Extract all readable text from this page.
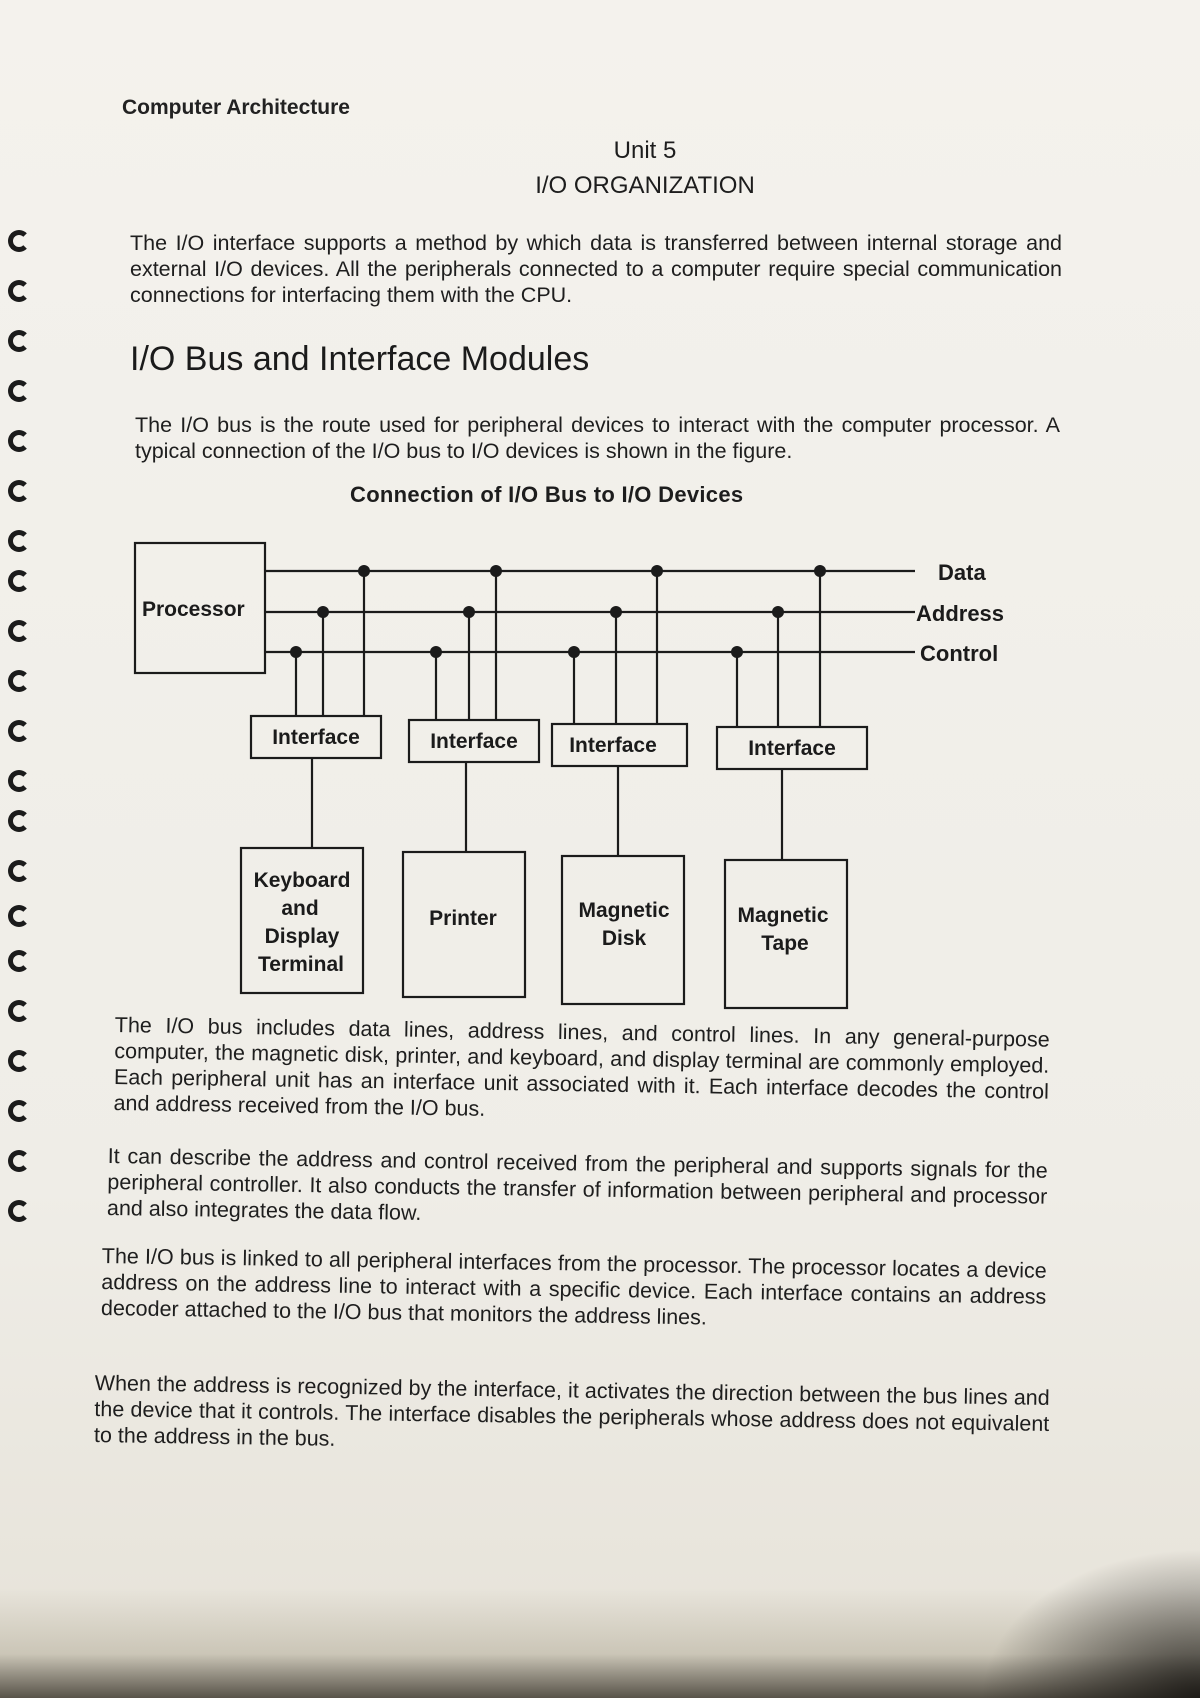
Computer Architecture
Unit 5
I/O ORGANIZATION

The I/O interface supports a method by which data is transferred between internal storage and external I/O devices. All the peripherals connected to a computer require special communication connections for interfacing them with the CPU.

I/O Bus and Interface Modules

The I/O bus is the route used for peripheral devices to interact with the computer processor. A typical connection of the I/O bus to I/O devices is shown in the figure.

Connection of I/O Bus to I/O Devices
Processor
Data
Address
Control
Interface	Interface Interface	Interface
Keyboard
and
Display
Terminal
Printer	Magnetic
Disk
Magnetic
Tape

The I/O bus includes data lines, address lines, and control lines. In any general-purpose computer, the magnetic disk, printer, and keyboard, and display terminal are commonly employed. Each peripheral unit has an interface unit associated with it. Each interface decodes the control and address received from the I/O bus.

It can describe the address and control received from the peripheral and supports signals for the peripheral controller. It also conducts the transfer of information between peripheral and processor and also integrates the data flow.

The I/O bus is linked to all peripheral interfaces from the processor. The processor locates a device address on the address line to interact with a specific device. Each interface contains an address decoder attached to the I/O bus that monitors the address lines.

When the address is recognized by the interface, it activates the direction between the bus lines and the device that it controls. The interface disables the peripherals whose address does not equivalent to the address in the bus.
